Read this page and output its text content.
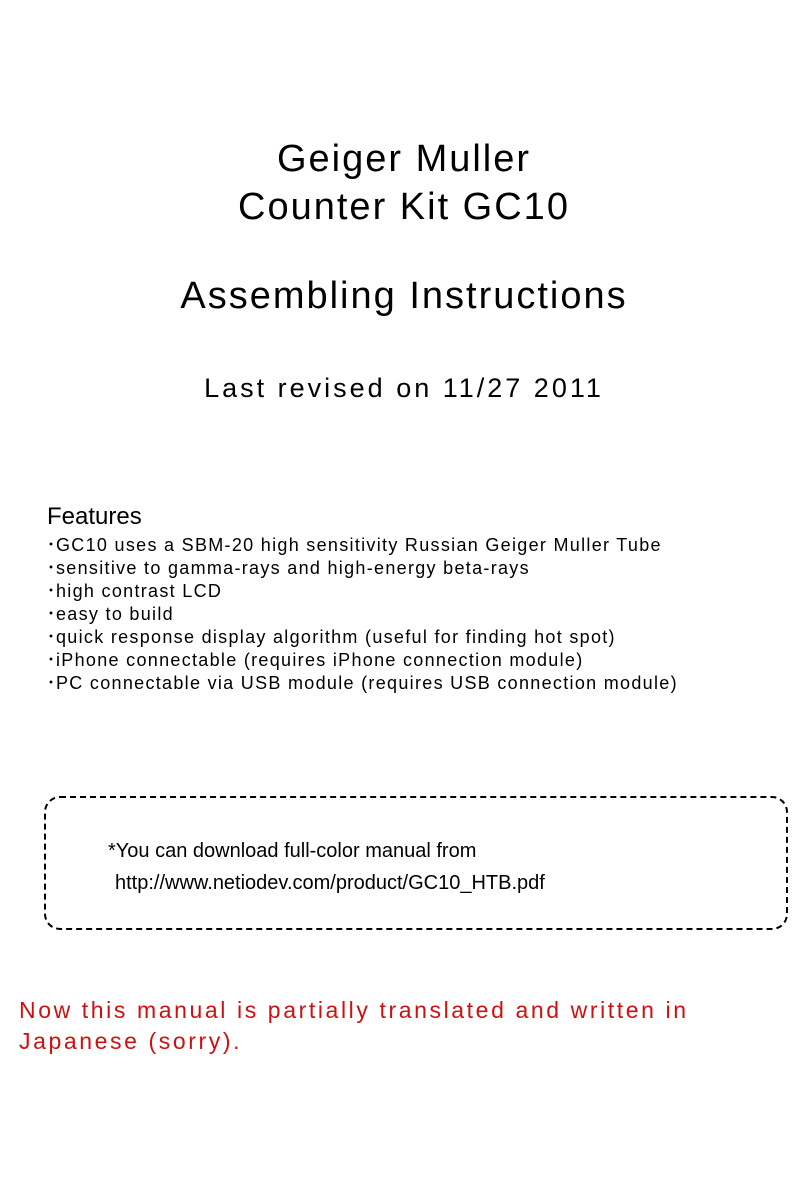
Geiger Muller
Counter Kit GC10
Assembling Instructions
Last revised on 11/27 2011
Features
･ GC10 uses a SBM-20 high sensitivity Russian Geiger Muller Tube
･ sensitive to gamma-rays and high-energy beta-rays
･ high contrast LCD
･ easy to build
･ quick response display algorithm (useful for finding hot spot)
･ iPhone connectable (requires iPhone connection module)
･ PC connectable via USB module (requires USB connection module)
*You can download full-color manual from
http://www.netiodev.com/product/GC10_HTB.pdf
Now this manual is partially translated and written in
Japanese (sorry).
